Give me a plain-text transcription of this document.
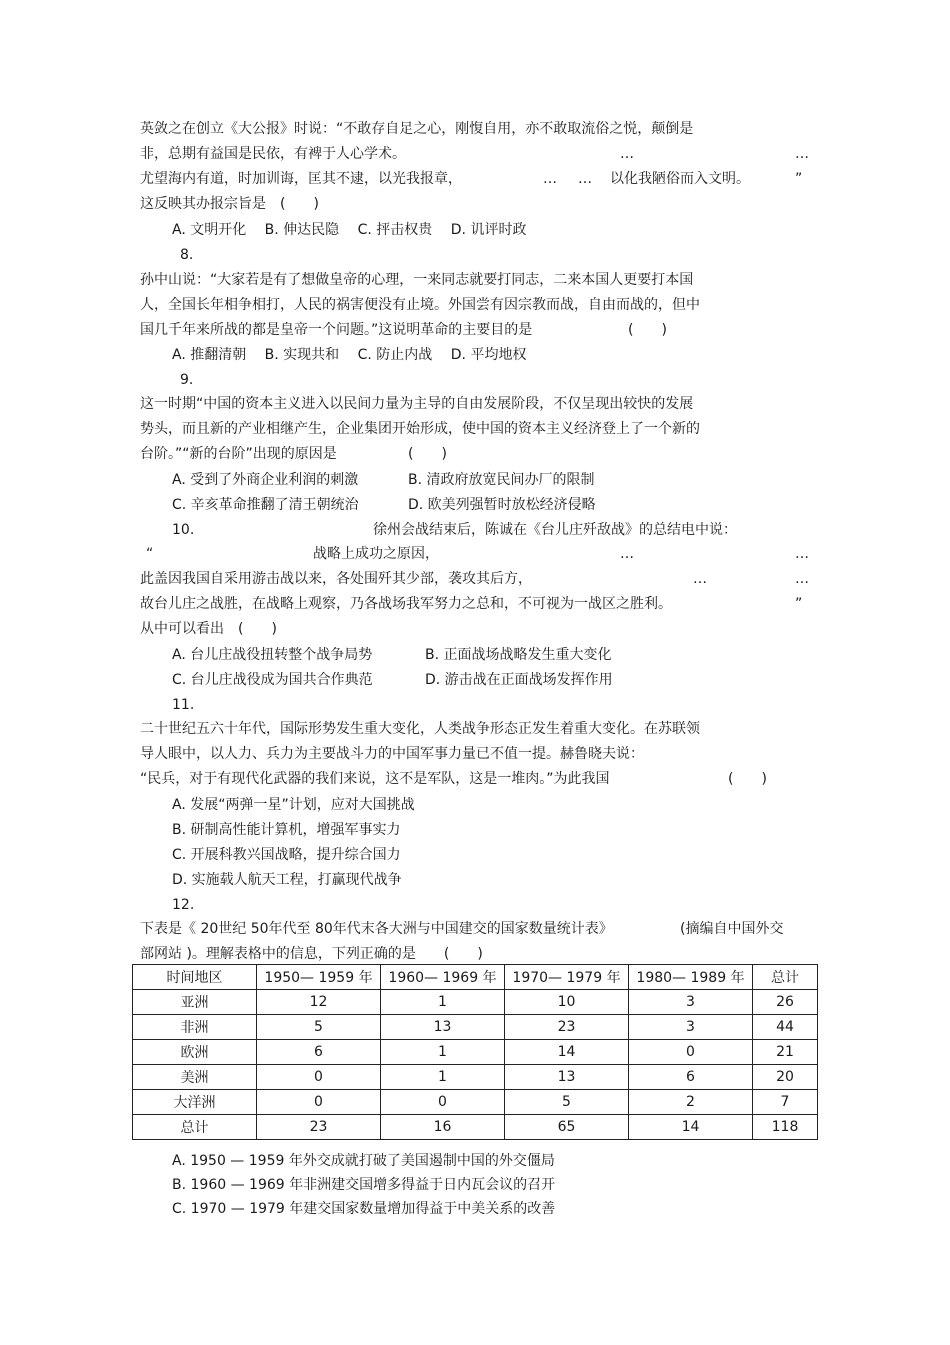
英敛之在创立《大公报》时说：“不敢存自足之心，刚愎自用，亦不敢取流俗之悦，颠倒是
非，总期有益国是民依，有裨于人心学术。	…	…
尤望海内有道，时加训诲，匡其不逮，以光我报章，	… … 以化我陋俗而入文明。	”
这反映其办报宗旨是　(　　)
A. 文明开化　 B. 伸达民隐　 C. 抨击权贵　 D. 讥评时政
8.
孙中山说：“大家若是有了想做皇帝的心理，一来同志就要打同志，二来本国人更要打本国
人，全国长年相争相打，人民的祸害便没有止境。外国尝有因宗教而战，自由而战的，但中
国几千年来所战的都是皇帝一个问题。”这说明革命的主要目的是	(　　)
A. 推翻清朝　 B. 实现共和　 C. 防止内战　 D. 平均地权
9.
这一时期“中国的资本主义进入以民间力量为主导的自由发展阶段，不仅呈现出较快的发展
势头，而且新的产业相继产生，企业集团开始形成，使中国的资本主义经济登上了一个新的
台阶。”“新的台阶”出现的原因是	(　　)
A. 受到了外商企业利润的刺激	B. 清政府放宽民间办厂的限制
C. 辛亥革命推翻了清王朝统治	D. 欧美列强暂时放松经济侵略
10.	徐州会战结束后，陈诚在《台儿庄歼敌战》的总结电中说：
“	战略上成功之原因，	…	…
此盖因我国自采用游击战以来，各处围歼其少部，袭攻其后方，	…	…
故台儿庄之战胜，在战略上观察，乃各战场我军努力之总和，不可视为一战区之胜利。	”
从中可以看出　(　　)
A. 台儿庄战役扭转整个战争局势	B. 正面战场战略发生重大变化
C. 台儿庄战役成为国共合作典范	D. 游击战在正面战场发挥作用
11.
二十世纪五六十年代，国际形势发生重大变化，人类战争形态正发生着重大变化。在苏联领
导人眼中，以人力、兵力为主要战斗力的中国军事力量已不值一提。赫鲁晓夫说：
“民兵，对于有现代化武器的我们来说，这不是军队，这是一堆肉。”为此我国	(　　)
A. 发展“两弹一星”计划，应对大国挑战
B. 研制高性能计算机，增强军事实力
C. 开展科教兴国战略，提升综合国力
D. 实施载人航天工程，打赢现代战争
12.
下表是《 20世纪 50年代至 80年代末各大洲与中国建交的国家数量统计表》	(摘编自中国外交
部网站 )。理解表格中的信息，下列正确的是　　(　　)
时间地区	1950— 1959 年	1960— 1969 年	1970— 1979 年	1980— 1989 年	总计
亚洲	12	1	10	3	26
非洲	5	13	23	3	44
欧洲	6	1	14	0	21
美洲	0	1	13	6	20
大洋洲	0	0	5	2	7
总计	23	16	65	14	118
A. 1950 — 1959 年外交成就打破了美国遏制中国的外交僵局
B. 1960 — 1969 年非洲建交国增多得益于日内瓦会议的召开
C. 1970 — 1979 年建交国家数量增加得益于中美关系的改善
